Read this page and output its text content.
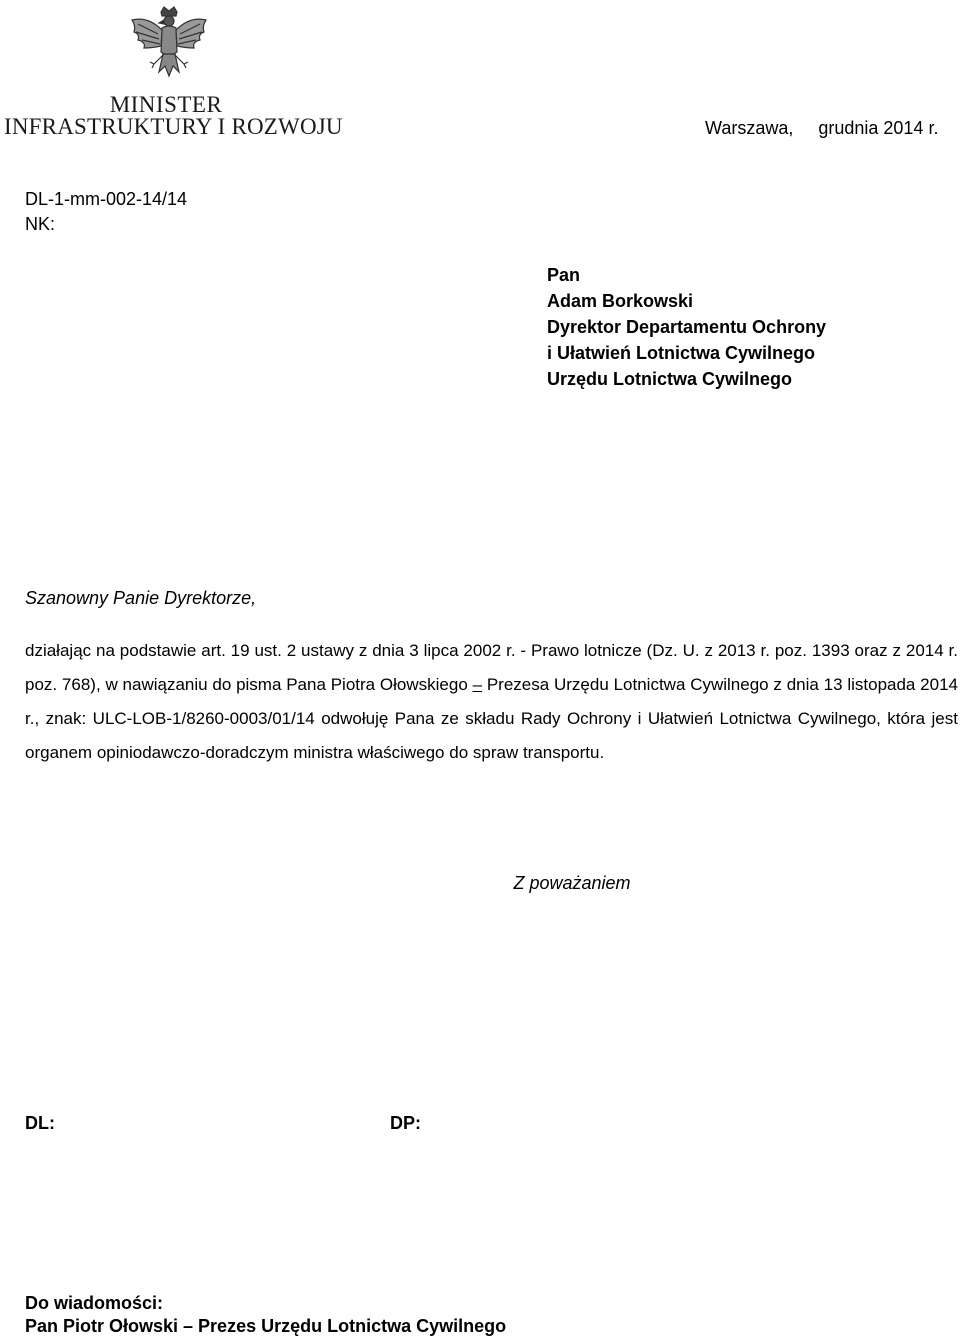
MINISTER
INFRASTRUKTURY I ROZWOJU	Warszawa,     grudnia 2014 r.
DL-1-mm-002-14/14
NK:
Pan
Adam Borkowski
Dyrektor Departamentu Ochrony
i Ułatwień Lotnictwa Cywilnego
Urzędu Lotnictwa Cywilnego
Szanowny Panie Dyrektorze,
działając na podstawie art. 19 ust. 2 ustawy z dnia 3 lipca 2002 r. - Prawo lotnicze (Dz. U. z 2013 r. poz. 1393 oraz z 2014 r. poz. 768), w nawiązaniu do pisma Pana Piotra Ołowskiego – Prezesa Urzędu Lotnictwa Cywilnego z dnia 13 listopada 2014 r., znak: ULC-LOB-1/8260-0003/01/14 odwołuję Pana ze składu Rady Ochrony i Ułatwień Lotnictwa Cywilnego, która jest organem opiniodawczo-doradczym ministra właściwego do spraw transportu.
Z poważaniem
DL:	DP:
Do wiadomości:
Pan Piotr Ołowski – Prezes Urzędu Lotnictwa Cywilnego
